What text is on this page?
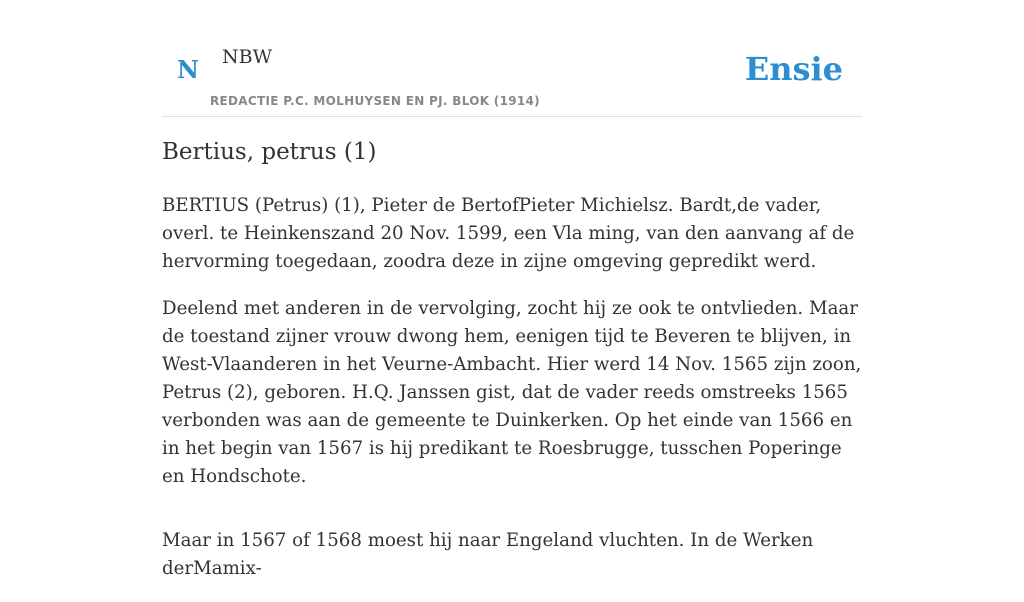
N NBW
REDACTIE P.C. MOLHUYSEN EN PJ. BLOK (1914)
Ensie
Bertius, petrus (1)

BERTIUS (Petrus) (1), Pieter de BertofPieter Michielsz. Bardt,de vader, overl. te Heinkenszand 20 Nov. 1599, een Vla ming, van den aanvang af de hervorming toegedaan, zoodra deze in zijne omgeving gepredikt werd.

Deelend met anderen in de vervolging, zocht hij ze ook te ontvlieden. Maar de toestand zijner vrouw dwong hem, eenigen tijd te Beveren te blijven, in West-Vlaanderen in het Veurne-Ambacht. Hier werd 14 Nov. 1565 zijn zoon, Petrus (2), geboren. H.Q. Janssen gist, dat de vader reeds omstreeks 1565 verbonden was aan de gemeente te Duinkerken. Op het einde van 1566 en in het begin van 1567 is hij predikant te Roesbrugge, tusschen Poperinge en Hondschote.

Maar in 1567 of 1568 moest hij naar Engeland vluchten. In de Werken derMamix-
